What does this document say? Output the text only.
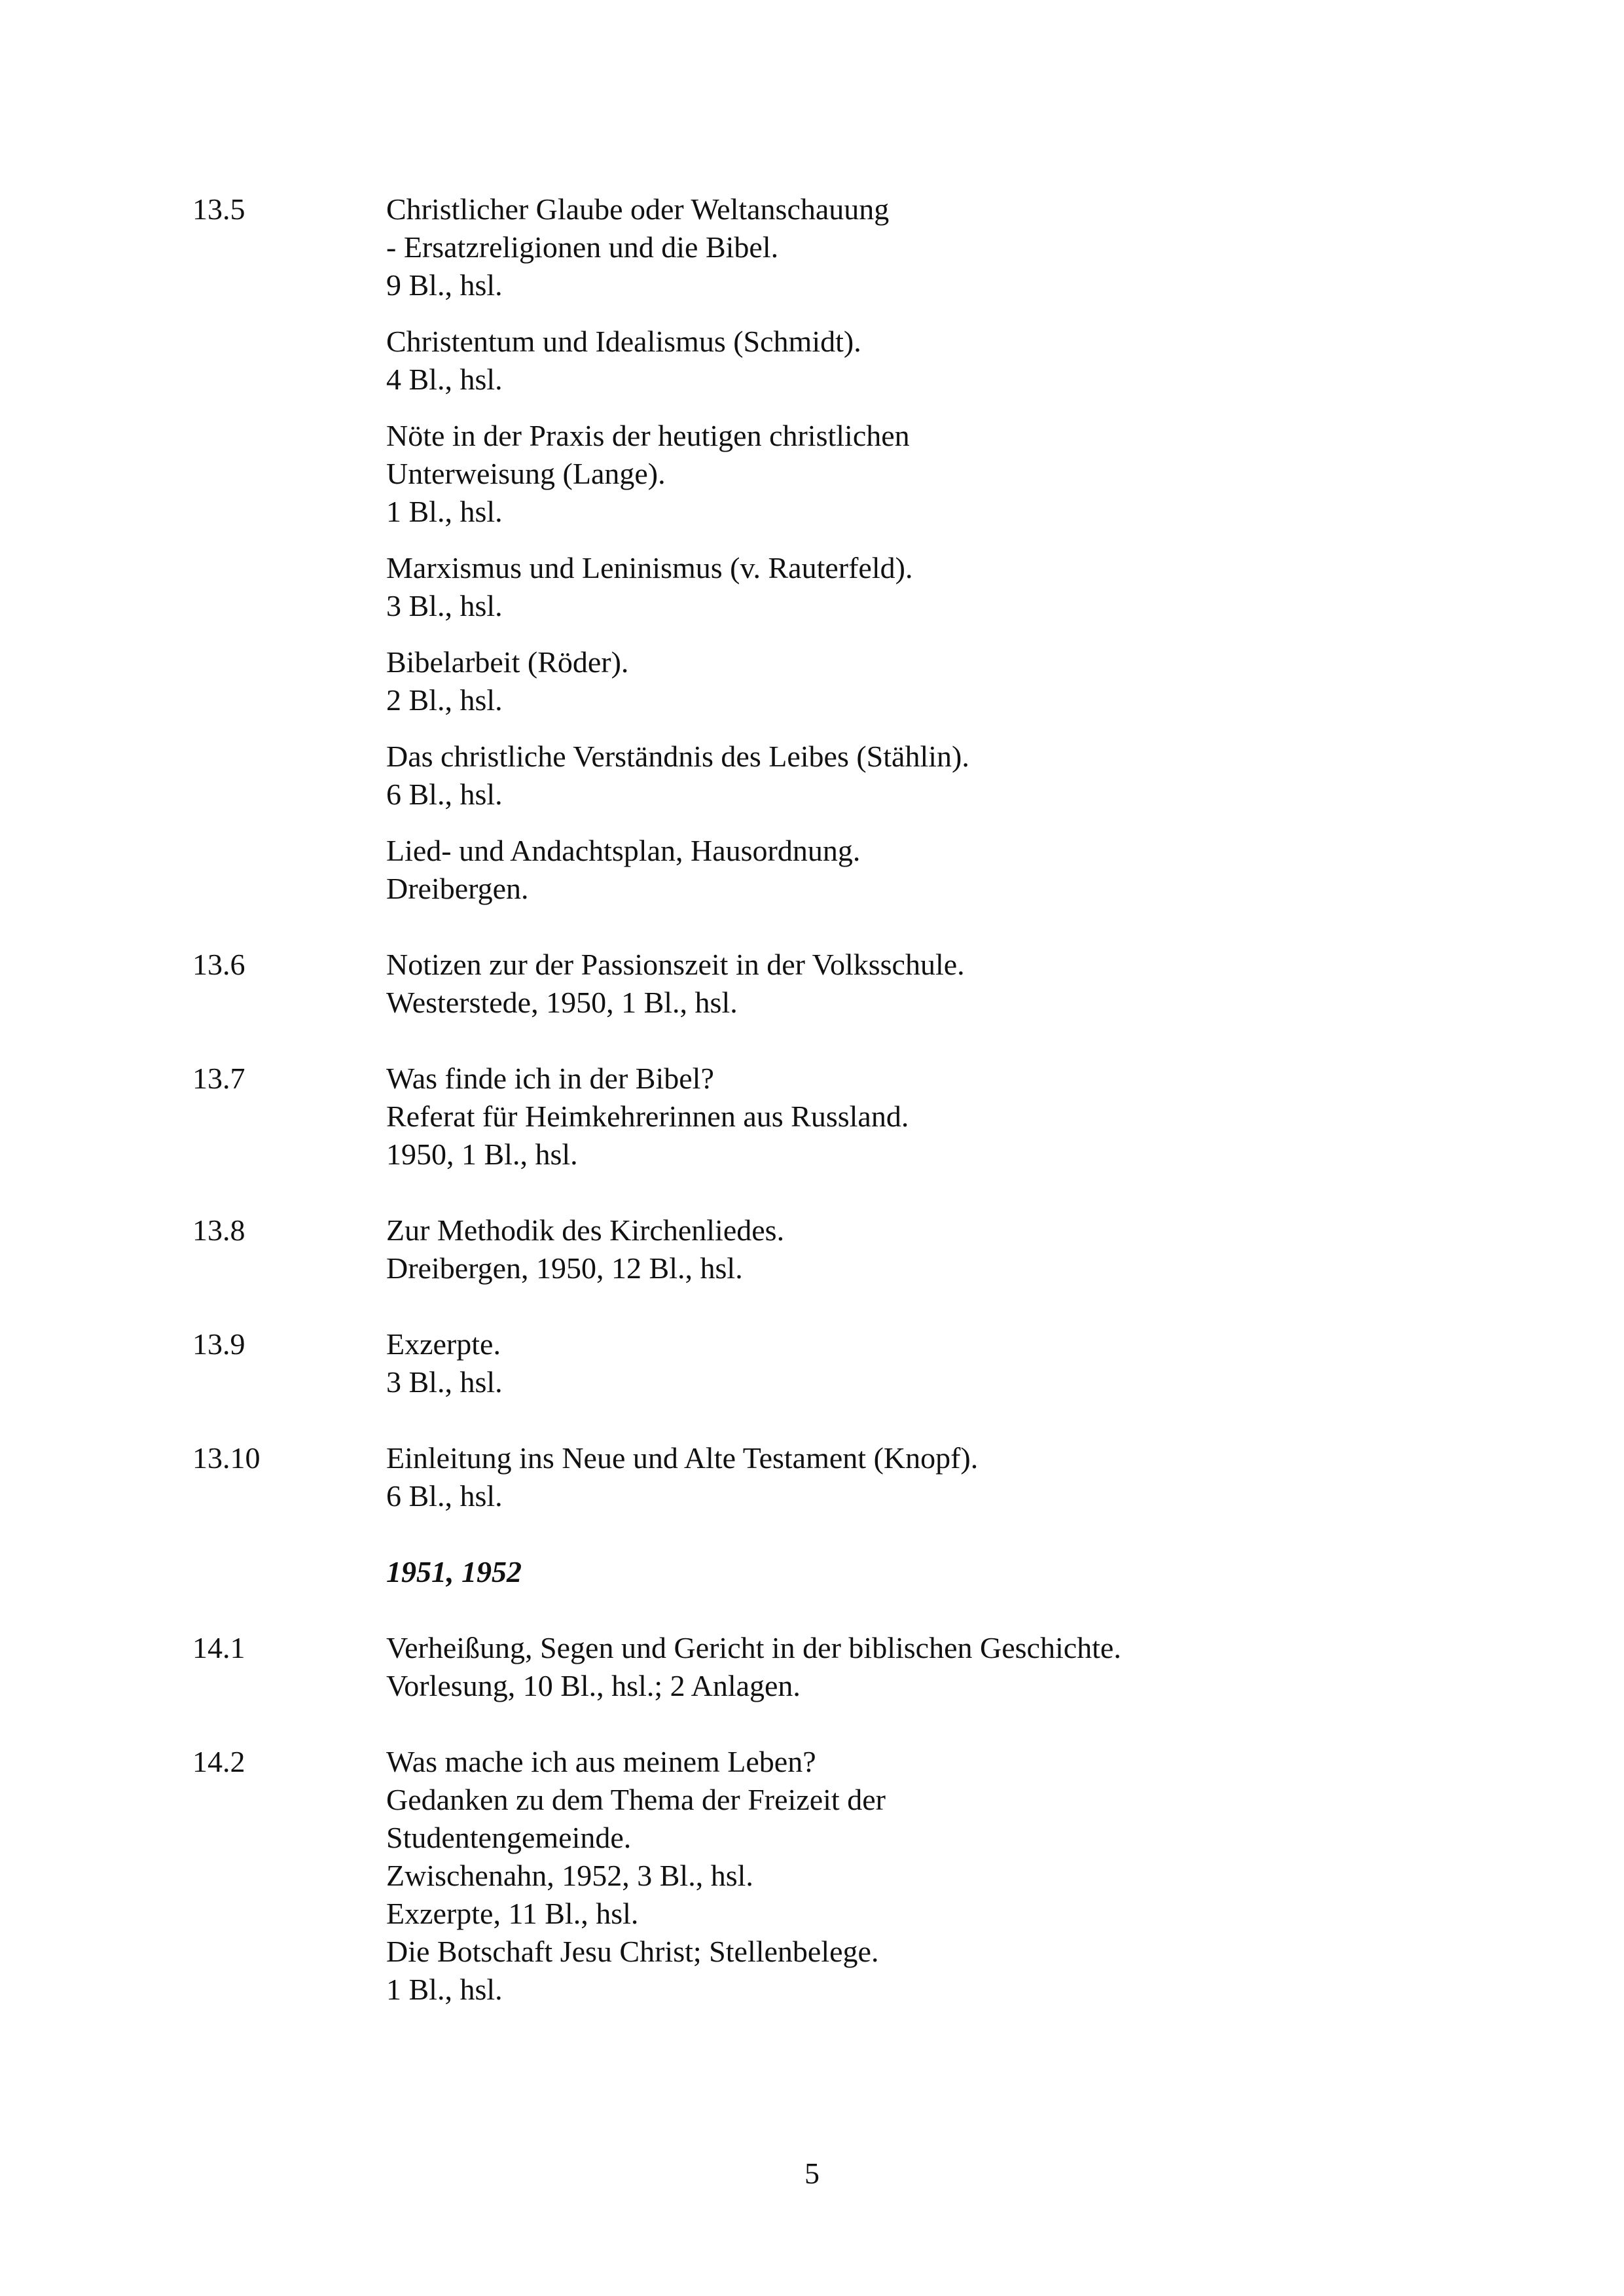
13.5	Christlicher Glaube oder Weltanschauung
- Ersatzreligionen und die Bibel.
9 Bl., hsl.
Christentum und Idealismus (Schmidt).
4 Bl., hsl.
Nöte in der Praxis der heutigen christlichen
Unterweisung (Lange).
1 Bl., hsl.
Marxismus und Leninismus (v. Rauterfeld).
3 Bl., hsl.
Bibelarbeit (Röder).
2 Bl., hsl.
Das christliche Verständnis des Leibes (Stählin).
6 Bl., hsl.
Lied- und Andachtsplan, Hausordnung.
Dreibergen.
13.6	Notizen zur der Passionszeit in der Volksschule.
Westerstede, 1950, 1 Bl., hsl.
13.7	Was finde ich in der Bibel?
Referat für Heimkehrerinnen aus Russland.
1950, 1 Bl., hsl.
13.8	Zur Methodik des Kirchenliedes.
Dreibergen, 1950, 12 Bl., hsl.
13.9	Exzerpte.
3 Bl., hsl.
13.10	Einleitung ins Neue und Alte Testament (Knopf).
6 Bl., hsl.
1951, 1952
14.1	Verheißung, Segen und Gericht in der biblischen Geschichte.
Vorlesung, 10 Bl., hsl.; 2 Anlagen.
14.2	Was mache ich aus meinem Leben?
Gedanken zu dem Thema der Freizeit der
Studentengemeinde.
Zwischenahn, 1952, 3 Bl., hsl.
Exzerpte, 11 Bl., hsl.
Die Botschaft Jesu Christ; Stellenbelege.
1 Bl., hsl.
5
